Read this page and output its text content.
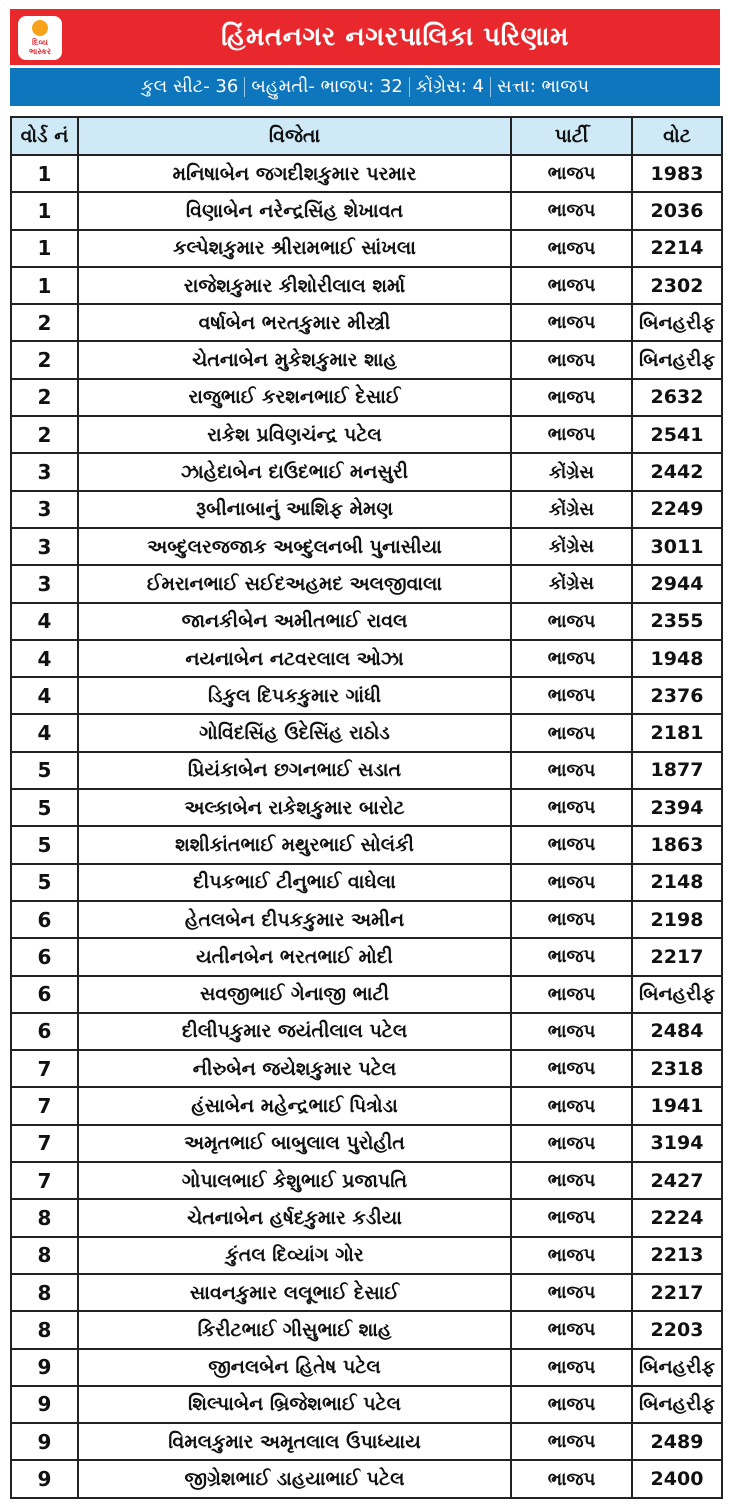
દિવ્ય
ભાસ્કર	હિંમતનગર નગરપાલિકા પરિણામ
કુલ સીટ- 36 બહુમતી- ભાજપ: 32 કોંગ્રેસ: 4 સત્તા: ભાજપ
વોર્ડ નં	વિજેતા	પાર્ટી	વોટ
1	મનિષાબેન જગદીશકુમાર પરમાર	ભાજપ	1983
1	વિણાબેન નરેન્દ્રસિંહ શેખાવત	ભાજપ	2036
1	કલ્પેશકુમાર શ્રીરામભાઈ સાંખલા	ભાજપ	2214
1	રાજેશકુમાર કીશોરીલાલ શર્મા	ભાજપ	2302
2	વર્ષાબેન ભરતકુમાર મીસ્ત્રી	ભાજપ	બિનહરીફ
2	ચેતનાબેન મુકેશકુમાર શાહ	ભાજપ	બિનહરીફ
2	રાજુભાઈ કરશનભાઈ દેસાઈ	ભાજપ	2632
2	રાકેશ પ્રવિણચંન્દ્ર પટેલ	ભાજપ	2541
3	ઝાહેદાબેન દાઉદભાઈ મનસુરી	કોંગ્રેસ	2442
3	રૂબીનાબાનું આશિફ મેમણ	કોંગ્રેસ	2249
3	અબ્દુલરજજાક અબ્દુલનબી પુનાસીયા	કોંગ્રેસ	3011
3	ઈમરાનભાઈ સઈદઅહમદ અલજીવાલા	કોંગ્રેસ	2944
4	જાનકીબેન અમીતભાઈ રાવલ	ભાજપ	2355
4	નયનાબેન નટવરલાલ ઓઝા	ભાજપ	1948
4	ડિકુલ દિપકકુમાર ગાંધી	ભાજપ	2376
4	ગોવિંદસિંહ ઉદેસિંહ રાઠોડ	ભાજપ	2181
5	પ્રિયંકાબેન છગનભાઈ સડાત	ભાજપ	1877
5	અલ્કાબેન રાકેશકુમાર બારોટ	ભાજપ	2394
5	શશીકાંતભાઈ મથુરભાઈ સોલંકી	ભાજપ	1863
5	દીપકભાઈ ટીનુભાઈ વાઘેલા	ભાજપ	2148
6	હેતલબેન દીપકકુમાર અમીન	ભાજપ	2198
6	યતીનબેન ભરતભાઈ મોદી	ભાજપ	2217
6	સવજીભાઈ ગેનાજી ભાટી	ભાજપ	બિનહરીફ
6	દીલીપકુમાર જયંતીલાલ પટેલ	ભાજપ	2484
7	નીરુબેન જયેશકુમાર પટેલ	ભાજપ	2318
7	હંસાબેન મહેન્દ્રભાઈ પિત્રોડા	ભાજપ	1941
7	અમૃતભાઈ બાબુલાલ પુરોહીત	ભાજપ	3194
7	ગોપાલભાઈ કેશુભાઈ પ્રજાપતિ	ભાજપ	2427
8	ચેતનાબેન હર્ષદકુમાર કડીયા	ભાજપ	2224
8	કુંતલ દિવ્યાંગ ગોર	ભાજપ	2213
8	સાવનકુમાર લલૂભાઈ દેસાઈ	ભાજપ	2217
8	કિરીટભાઈ ગીસુભાઈ શાહ	ભાજપ	2203
9	જીનલબેન હિતેષ પટેલ	ભાજપ	બિનહરીફ
9	શિલ્પાબેન બ્રિજેશભાઈ પટેલ	ભાજપ	બિનહરીફ
9	વિમલકુમાર અમૃતલાલ ઉપાધ્યાય	ભાજપ	2489
9	જીગ્રેશભાઈ ડાહયાભાઈ પટેલ	ભાજપ	2400
